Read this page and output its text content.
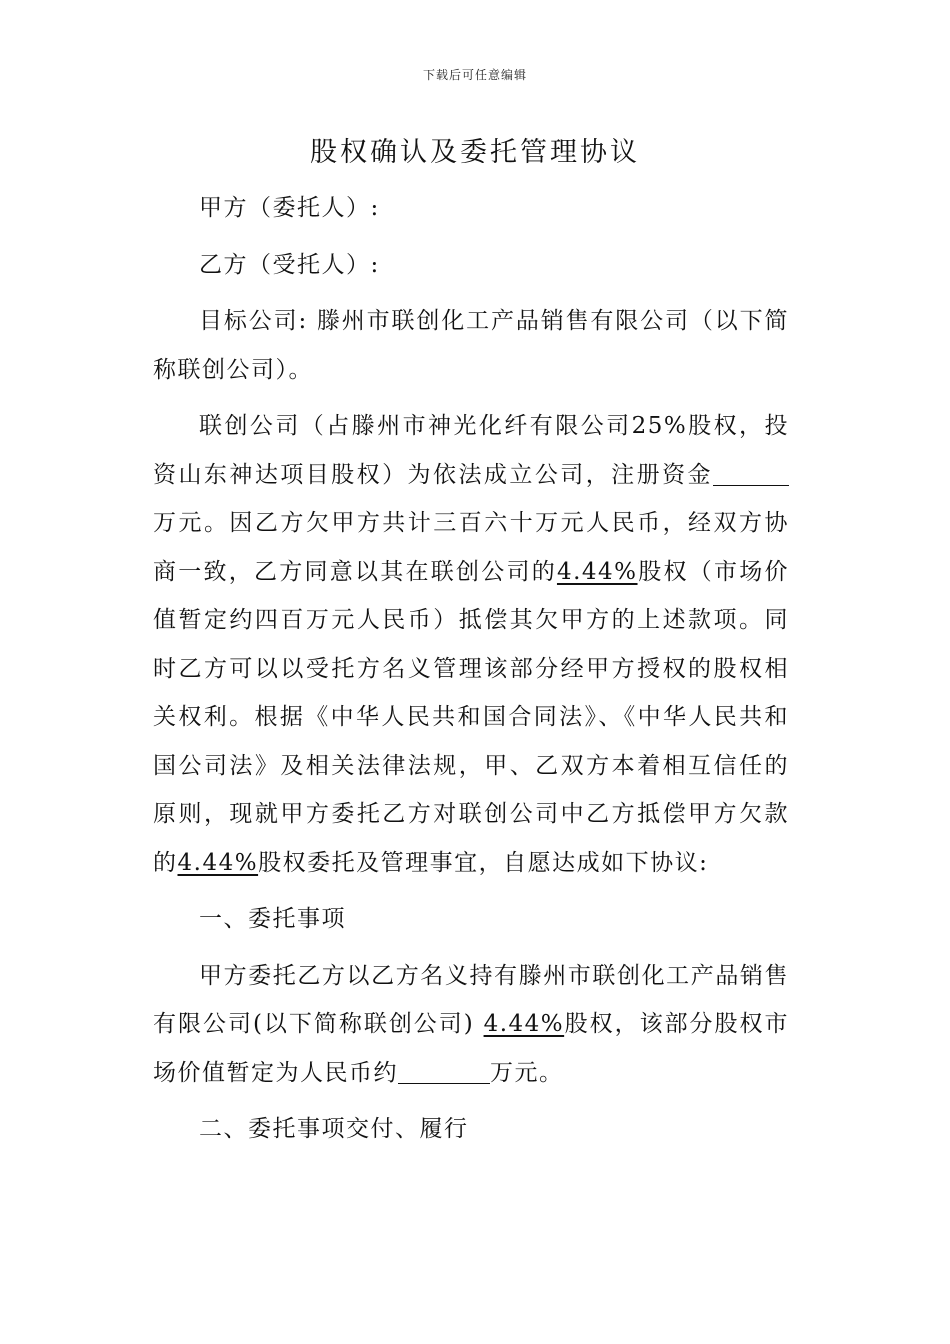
下载后可任意编辑
股权确认及委托管理协议

甲方（委托人）:

乙方（受托人）:

目标公司: 滕州市联创化工产品销售有限公司（以下简称联创公司）。

联创公司（占滕州市神光化纤有限公司25%股权，投资山东神达项目股权）为依法成立公司，注册资金万元。因乙方欠甲方共计三百六十万元人民币，经双方协商一致，乙方同意以其在联创公司的4.44%股权（市场价值暂定约四百万元人民币）抵偿其欠甲方的上述款项。同时乙方可以以受托方名义管理该部分经甲方授权的股权相关权利。根据《中华人民共和国合同法》、《中华人民共和国公司法》及相关法律法规，甲、乙双方本着相互信任的原则，现就甲方委托乙方对联创公司中乙方抵偿甲方欠款的4.44%股权委托及管理事宜，自愿达成如下协议:

一、委托事项

甲方委托乙方以乙方名义持有滕州市联创化工产品销售有限公司(以下简称联创公司) 4.44%股权，该部分股权市场价值暂定为人民币约	万元。

二、委托事项交付、履行
